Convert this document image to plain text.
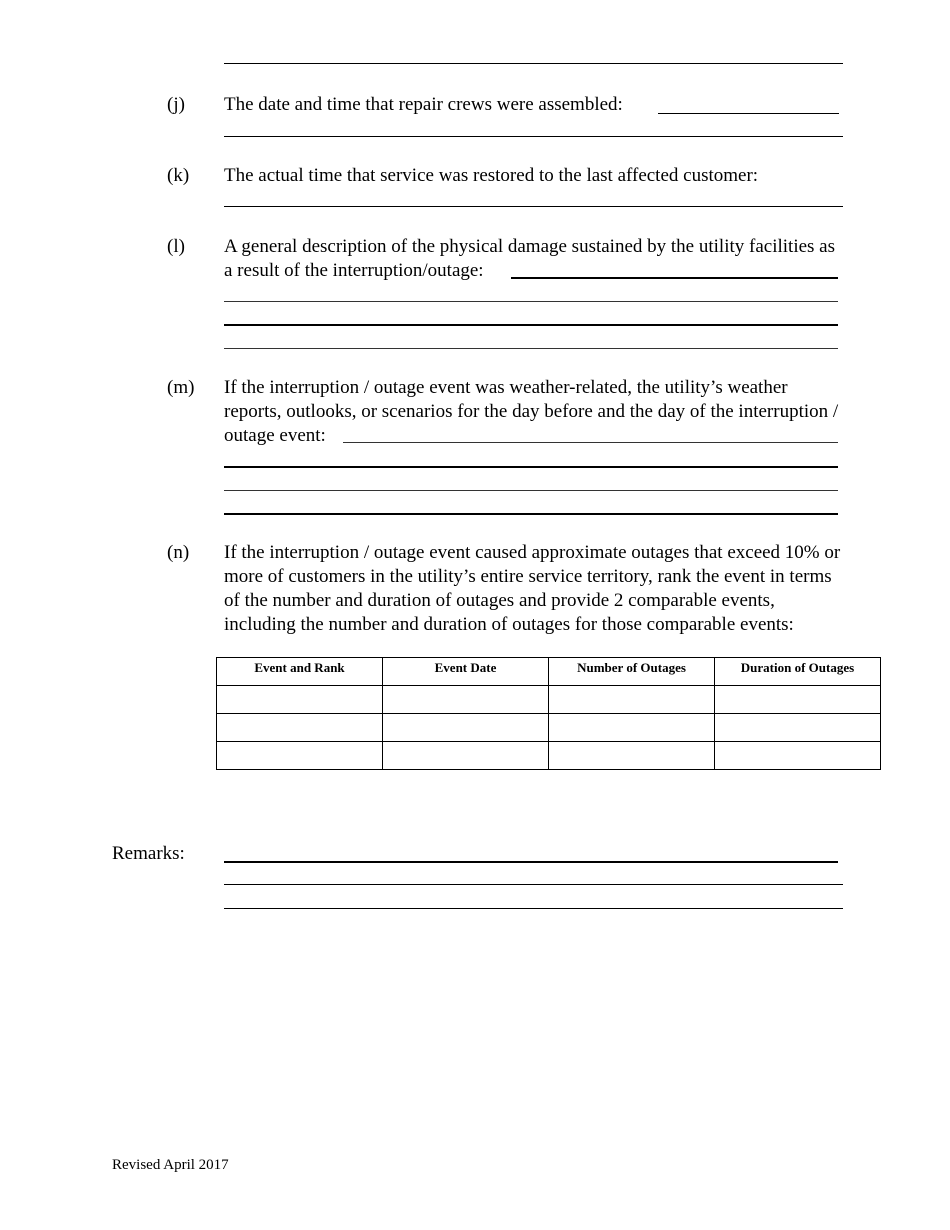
(j) The date and time that repair crews were assembled:
(k) The actual time that service was restored to the last affected customer:
(l) A general description of the physical damage sustained by the utility facilities as
a result of the interruption/outage:
(m) If the interruption / outage event was weather-related, the utility’s weather
reports, outlooks, or scenarios for the day before and the day of the interruption /
outage event:
(n) If the interruption / outage event caused approximate outages that exceed 10% or
more of customers in the utility’s entire service territory, rank the event in terms
of the number and duration of outages and provide 2 comparable events,
including the number and duration of outages for those comparable events:
Event and Rank	Event Date	Number of Outages	Duration of Outages

Remarks:
Revised April 2017
